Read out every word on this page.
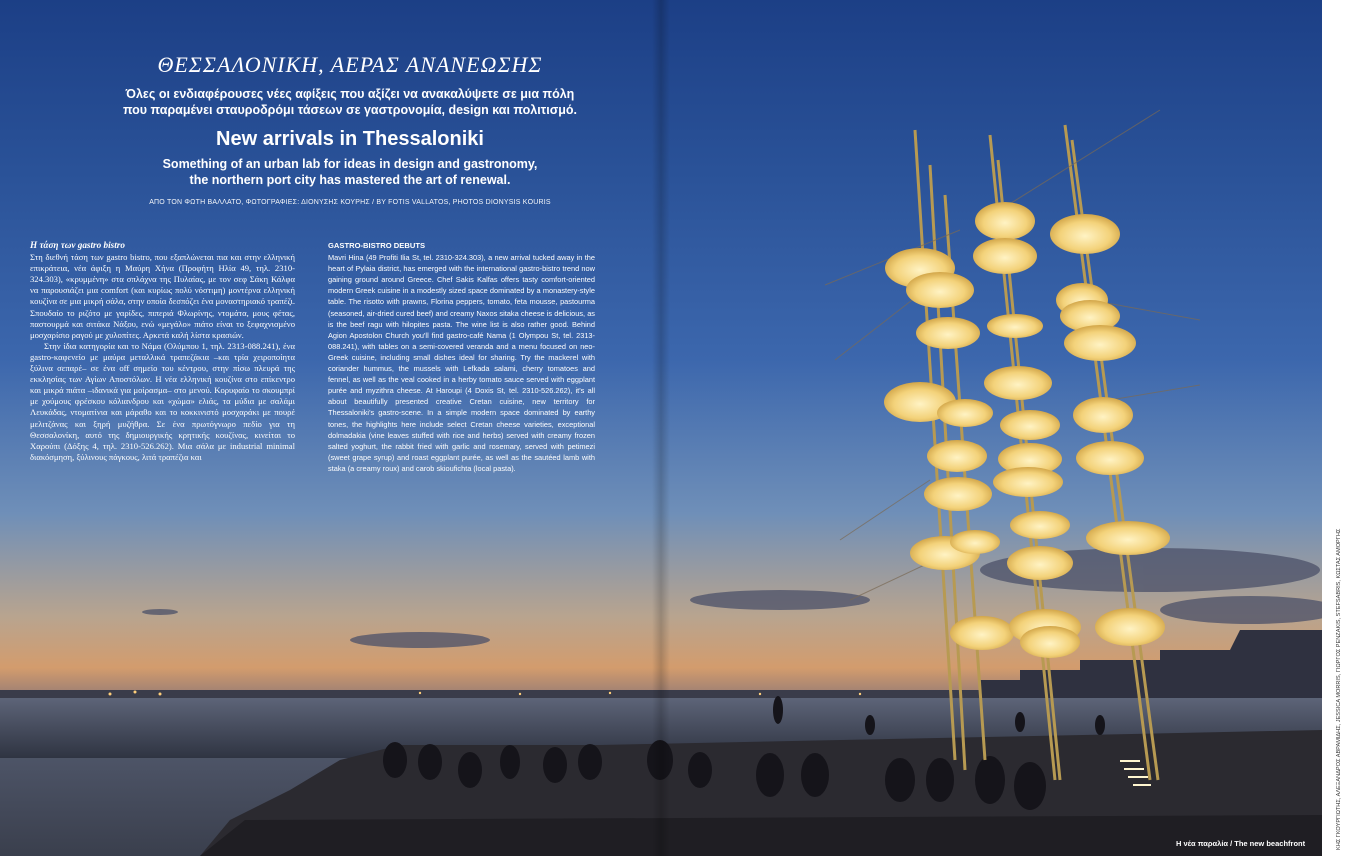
ΘΕΣΣΑΛΟΝΙΚΗ, ΑΕΡΑΣ ΑΝΑΝΕΩΣΗΣ
Όλες οι ενδιαφέρουσες νέες αφίξεις που αξίζει να ανακαλύψετε σε μια πόλη
που παραμένει σταυροδρόμι τάσεων σε γαστρονομία, design και πολιτισμό.
New arrivals in Thessaloniki
Something of an urban lab for ideas in design and gastronomy,
the northern port city has mastered the art of renewal.
ΑΠΟ ΤΟΝ ΦΩΤΗ ΒΑΛΛΑΤΟ, ΦΩΤΟΓΡΑΦΙΕΣ: ΔΙΟΝΥΣΗΣ ΚΟΥΡΗΣ / BY FOTIS VALLATOS, PHOTOS DIONYSIS KOURIS
Η τάση των gastro bistro

Στη διεθνή τάση των gastro bistro, που εξαπλώνεται πια και στην ελληνική επικράτεια, νέα άφιξη η Μαύρη Χήνα (Προφήτη Ηλία 49, τηλ. 2310-324.303), «κρυμμένη» στα σπλάχνα της Πυλαίας, με τον σεφ Σάκη Κάλφα να παρουσιάζει μια comfort (και κυρίως πολύ νόστιμη) μοντέρνα ελληνική κουζίνα σε μια μικρή σάλα, στην οποία δεσπόζει ένα μοναστηριακό τραπέζι. Σπουδαίο το ριζότο με γαρίδες, πιπεριά Φλωρίνης, ντομάτα, μους φέτας, παστουρμά και σιτάκα Νάξου, ενώ «μεγάλο» πιάτο είναι το ξεφαχνισμένο μοσχαρίσιο ραγού με χυλοπίτες. Αρκετά καλή λίστα κρασιών.

Στην ίδια κατηγορία και το Νάμα (Ολύμπου 1, τηλ. 2313-088.241), ένα gastro-καφενείο με μαύρα μεταλλικά τραπεζάκια –και τρία χειροποίητα ξύλινα σεπαρέ– σε ένα off σημείο του κέντρου, στην πίσω πλευρά της εκκλησίας των Αγίων Αποστόλων. Η νέα ελληνική κουζίνα στο επίκεντρο και μικρά πιάτα –ιδανικά για μοίρασμα– στο μενού. Κορυφαίο το σκουμπρί με χούμους φρέσκου κόλιανδρου και «χώμα» ελιάς, τα μύδια με σαλάμι Λευκάδας, ντοματίνια και μάραθο και το κοκκινιστό μοσχαράκι με πουρέ μελιτζάνας και ξηρή μυζήθρα. Σε ένα πρωτόγνωρο πεδίο για τη Θεσσαλονίκη, αυτό της δημιουργικής κρητικής κουζίνας, κινείται το Χαρούπι (Δόξης 4, τηλ. 2310-526.262). Μια σάλα με industrial minimal διακόσμηση, ξύλινους πάγκους, λιτά τραπέζια και

GASTRO-BISTRO DEBUTS

Mavri Hina (49 Profiti Ilia St, tel. 2310-324.303), a new arrival tucked away in the heart of Pylaia district, has emerged with the international gastro-bistro trend now gaining ground around Greece. Chef Sakis Kalfas offers tasty comfort-oriented modern Greek cuisine in a modestly sized space dominated by a monastery-style table. The risotto with prawns, Florina peppers, tomato, feta mousse, pastourma (seasoned, air-dried cured beef) and creamy Naxos sitaka cheese is delicious, as is the beef ragu with hilopites pasta. The wine list is also rather good. Behind Agion Apostolon Church you'll find gastro-café Nama (1 Olympou St, tel. 2313-088.241), with tables on a semi-covered veranda and a menu focused on neo-Greek cuisine, including small dishes ideal for sharing. Try the mackerel with coriander hummus, the mussels with Lefkada salami, cherry tomatoes and fennel, as well as the veal cooked in a herby tomato sauce served with eggplant purée and myzithra cheese. At Haroupi (4 Doxis St, tel. 2310-526.262), it's all about beautifully presented creative Cretan cuisine, new territory for Thessaloniki's gastro-scene. In a simple modern space dominated by earthy tones, the highlights here include select Cretan cheese varieties, exceptional dolmadakia (vine leaves stuffed with rice and herbs) served with creamy frozen salted yoghurt, the rabbit fried with garlic and rosemary, served with petimezi (sweet grape syrup) and roast eggplant purée, as well as the sautéed lamb with staka (a creamy roux) and carob skioufichta (local pasta).

Η νέα παραλία / The new beachfront	ΚΗΣ ΓΚΟΥΡΓΙΩΤΗΣ, ΑΛΕΞΑΝΔΡΟΣ ΑΒΡΑΜΙΔΗΣ, JESSICA MORRIS, ΓΙΩΡΓΟΣ PENZAKIS, STEFSABRIS, ΚΩΣΤΑΣ ΑΜΟΡΓΗΣ
